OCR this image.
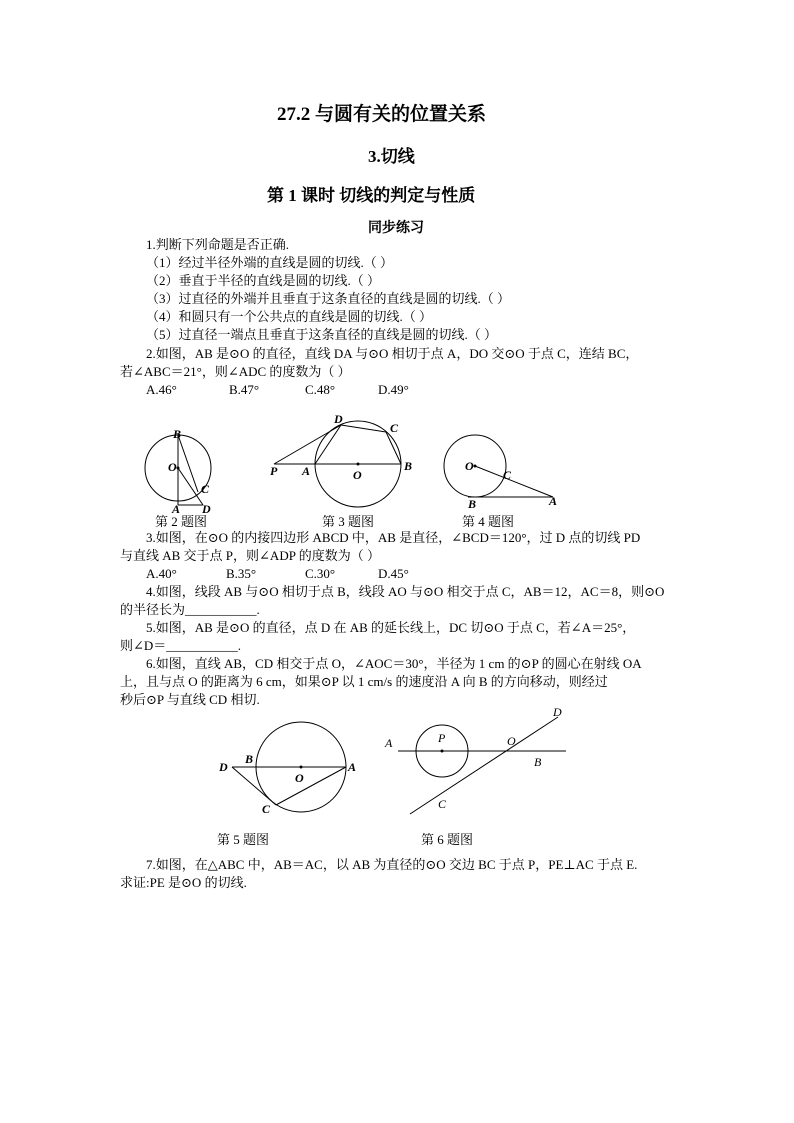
27.2 与圆有关的位置关系
3.切线
第 1 课时 切线的判定与性质
同步练习
1.判断下列命题是否正确.
（1）经过半径外端的直线是圆的切线.（ ）
（2）垂直于半径的直线是圆的切线.（ ）
（3）过直径的外端并且垂直于这条直径的直线是圆的切线.（ ）
（4）和圆只有一个公共点的直线是圆的切线.（ ）
（5）过直径一端点且垂直于这条直径的直线是圆的切线.（ ）
2.如图，AB 是⊙O 的直径，直线 DA 与⊙O 相切于点 A，DO 交⊙O 于点 C，连结 BC，
若∠ABC＝21°，则∠ADC 的度数为（ ）
A.46°	B.47°	C.48°	D.49°
B
O
C
A D
第 2 题图
D
C
P A	O
B
第 3 题图
O
C
B	A
第 4 题图
3.如图，在⊙O 的内接四边形 ABCD 中，AB 是直径，∠BCD＝120°，过 D 点的切线 PD
与直线 AB 交于点 P，则∠ADP 的度数为（ ）
A.40°	B.35°	C.30°	D.45°
4.如图，线段 AB 与⊙O 相切于点 B，线段 AO 与⊙O 相交于点 C，AB＝12，AC＝8，则⊙O
的半径长为___________.
5.如图，AB 是⊙O 的直径，点 D 在 AB 的延长线上，DC 切⊙O 于点 C，若∠A＝25°，
则∠D＝___________.
6.如图，直线 AB，CD 相交于点 O，∠AOC＝30°，半径为 1 cm 的⊙P 的圆心在射线 OA
上，且与点 O 的距离为 6 cm，如果⊙P 以 1 cm/s 的速度沿 A 向 B 的方向移动，则经过
秒后⊙P 与直线 CD 相切.
D
B
O
A
C
第 5 题图
D
A	P	O
B
C
第 6 题图
7.如图，在△ABC 中，AB＝AC，以 AB 为直径的⊙O 交边 BC 于点 P，PE⊥AC 于点 E.
求证:PE 是⊙O 的切线.
